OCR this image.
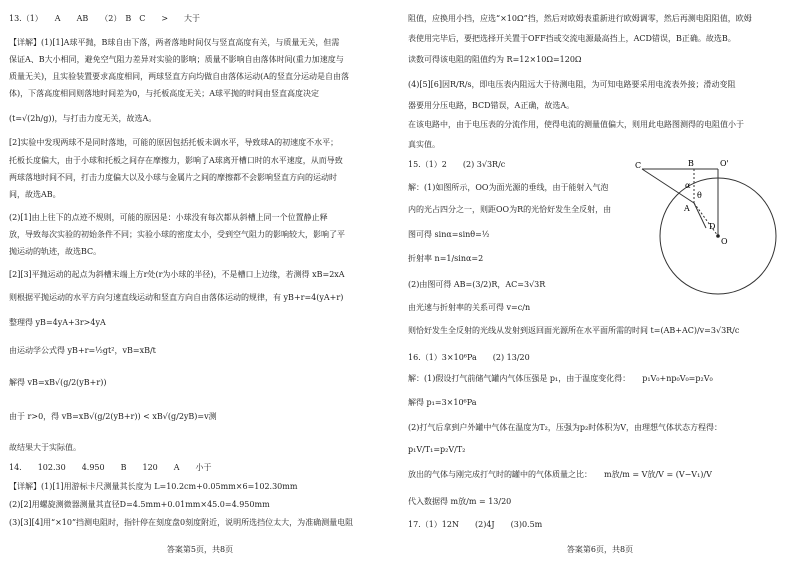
13.（1）　　A　　AB　　（2）　B　C　　>　　大于
【详解】(1)[1]A球平抛，B球自由下落，两者落地时间仅与竖直高度有关，与质量无关，但需
保证A、B大小相同，避免空气阻力差异对实验的影响；质量不影响自由落体时间(重力加速度与
质量无关)，且实验装置要求高度相同，两球竖直方向均做自由落体运动(A的竖直分运动是自由落
体)，下落高度相同则落地时间差为0，与托板高度无关；A球平抛的时间由竖直高度决定
(t=√(2h/g))，与打击力度无关，故选A。
[2]实验中发现两球不是同时落地，可能的原因包括托板未调水平，导致球A的初速度不水平；
托板长度偏大，由于小球和托板之间存在摩擦力，影响了A球离开槽口时的水平速度，从而导致
两球落地时间不同，打击力度偏大以及小球与金属片之间的摩擦都不会影响竖直方向的运动时
间，故选AB。
(2)[1]由上往下的点迹不规则，可能的原因是：小球没有每次都从斜槽上同一个位置静止释
放，导致每次实验的初始条件不同；实验小球的密度太小，受到空气阻力的影响较大，影响了平
抛运动的轨迹，故选BC。
[2][3]平抛运动的起点为斜槽末端上方r处(r为小球的半径)，不是槽口上边缘，若测得 xB=2xA
则根据平抛运动的水平方向匀速直线运动和竖直方向自由落体运动的规律，有 yB+r=4(yA+r)
整理得 yB=4yA+3r>4yA
由运动学公式得 yB+r=½gt²，vB=xB/t
解得 vB=xB√(g/2(yB+r))
由于 r>0，得 vB=xB√(g/2(yB+r)) < xB√(g/2yB)=v测
故结果大于实际值。
14.　　102.30　　4.950　　B　　120　　A　　小于
【详解】(1)[1]用游标卡尺测量其长度为 L=10.2cm+0.05mm×6=102.30mm
(2)[2]用螺旋测微器测量其直径D=4.5mm+0.01mm×45.0=4.950mm
(3)[3][4]用“×10”挡测电阻时，指针停在刻度盘0刻度附近，说明所选挡位太大，为准确测量电阻
答案第5页，共8页
阻值，应换用小挡，应选“×10Ω”挡，然后对欧姆表重新进行欧姆调零，然后再测电阻阻值，欧姆
表使用完毕后，要把选择开关置于OFF挡或交流电源最高挡上，ACD错误，B正确。故选B。
读数可得该电阻的阻值约为 R=12×10Ω=120Ω
(4)[5][6]因R/R/s，即电压表内阻远大于待测电阻，为可知电路要采用电流表外接；滑动变阻
器要用分压电路，BCD错误，A正确，故选A。
在该电路中，由于电压表的分流作用，使得电流的测量值偏大，则用此电路图测得的电阻值小于
真实值。
15.（1）2　　(2) 3√3R/c
解：(1)如图所示，OO为面光源的垂线，由于能射入气泡
内的光占四分之一，则距OO为R的光恰好发生全反射，由
图可得 sinα=sinθ=½
折射率 n=1/sinα=2
(2)由图可得 AB=(3/2)R，AC=3√3R
由光速与折射率的关系可得 v=c/n
则恰好发生全反射的光线从发射到返回面光源所在水平面所需的时间 t=(AB+AC)/v=3√3R/c
16.（1）3×10⁶Pa　　(2) 13/20
解：(1)假设打气前储气罐内气体压强是 p₁，由于温度变化得：　　p₁V₀+np₀V₀=p₂V₀
解得 p₁=3×10⁶Pa
(2)打气后拿到户外罐中气体在温度为T₂，压强为p₂时体积为V，由理想气体状态方程得：
p₁V/T₁=p₂V/T₂
放出的气体与刚完成打气时的罐中的气体质量之比：　　m放/m = V放/V = (V−V₁)/V
代入数据得 m放/m = 13/20
17.（1）12N　　(2)4J　　(3)0.5m
C	B	O'
α
θ
A
D
O
答案第6页，共8页
